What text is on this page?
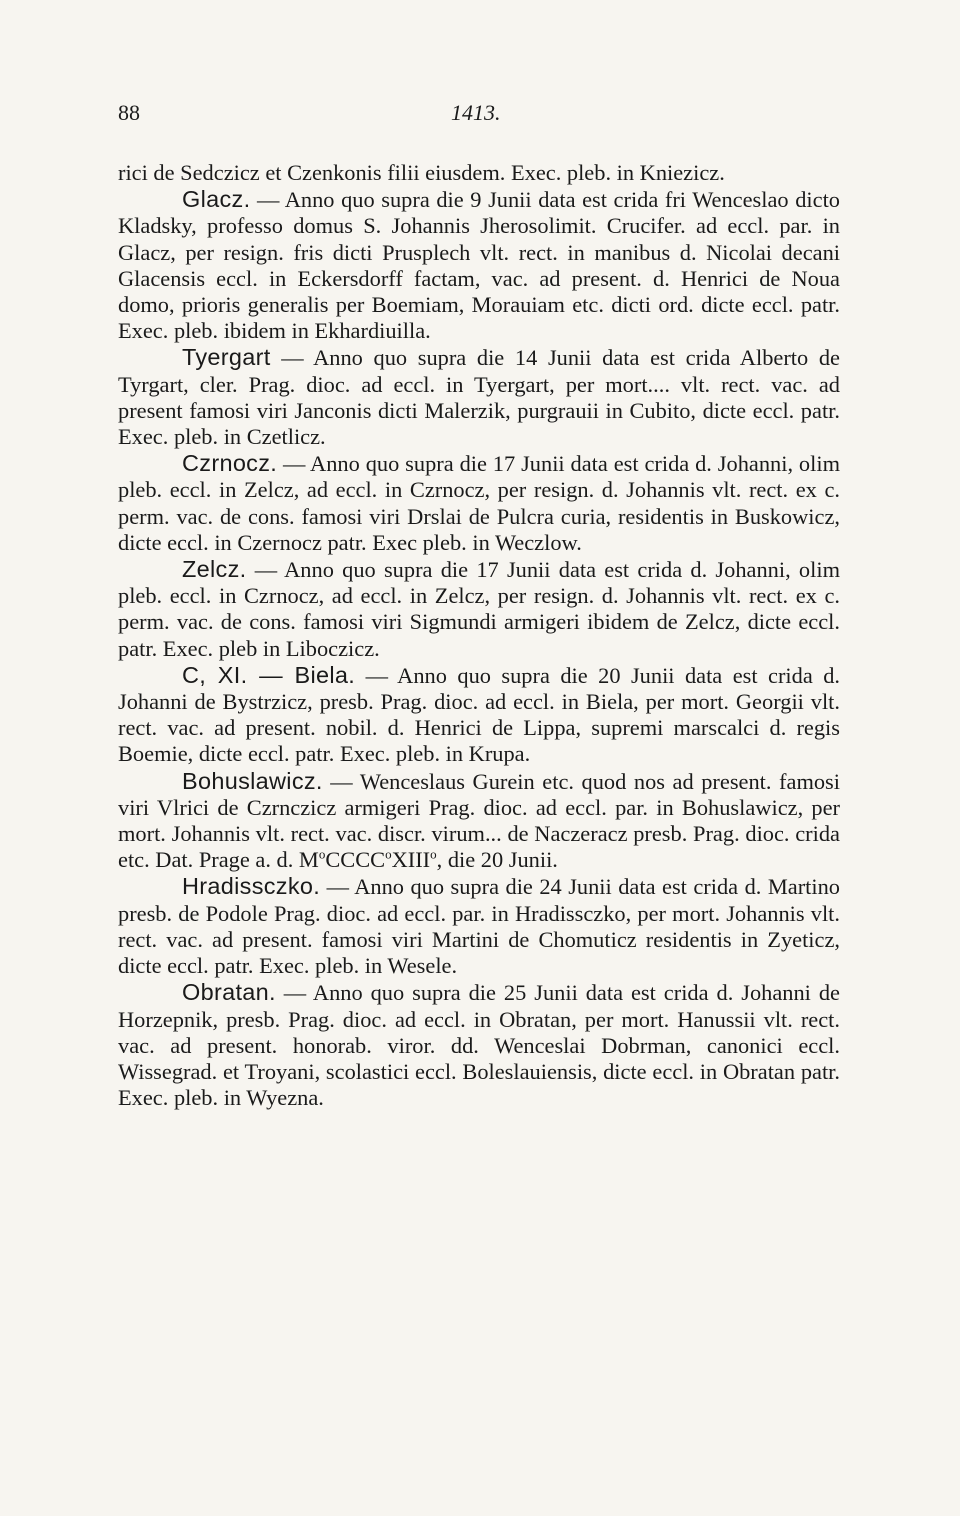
88	1413.

rici de Sedczicz et Czenkonis filii eiusdem. Exec. pleb. in Kniezicz.

Glacz. — Anno quo supra die 9 Junii data est crida fri Wenceslao dicto Kladsky, professo domus S. Johannis Jherosolimit. Crucifer. ad eccl. par. in Glacz, per resign. fris dicti Prusplech vlt. rect. in manibus d. Nicolai decani Glacensis eccl. in Eckersdorff factam, vac. ad present. d. Henrici de Noua domo, prioris generalis per Boemiam, Morauiam etc. dicti ord. dicte eccl. patr. Exec. pleb. ibidem in Ekhardiuilla.

Tyergart — Anno quo supra die 14 Junii data est crida Alberto de Tyrgart, cler. Prag. dioc. ad eccl. in Tyergart, per mort.... vlt. rect. vac. ad present famosi viri Janconis dicti Malerzik, purgrauii in Cubito, dicte eccl. patr. Exec. pleb. in Czetlicz.

Czrnocz. — Anno quo supra die 17 Junii data est crida d. Johanni, olim pleb. eccl. in Zelcz, ad eccl. in Czrnocz, per resign. d. Johannis vlt. rect. ex c. perm. vac. de cons. famosi viri Drslai de Pulcra curia, residentis in Buskowicz, dicte eccl. in Czernocz patr. Exec pleb. in Weczlow.

Zelcz. — Anno quo supra die 17 Junii data est crida d. Johanni, olim pleb. eccl. in Czrnocz, ad eccl. in Zelcz, per resign. d. Johannis vlt. rect. ex c. perm. vac. de cons. famosi viri Sigmundi armigeri ibidem de Zelcz, dicte eccl. patr. Exec. pleb in Liboczicz.

C, XI. — Biela. — Anno quo supra die 20 Junii data est crida d. Johanni de Bystrzicz, presb. Prag. dioc. ad eccl. in Biela, per mort. Georgii vlt. rect. vac. ad present. nobil. d. Henrici de Lippa, supremi marscalci d. regis Boemie, dicte eccl. patr. Exec. pleb. in Krupa.

Bohuslawicz. — Wenceslaus Gurein etc. quod nos ad present. famosi viri Vlrici de Czrnczicz armigeri Prag. dioc. ad eccl. par. in Bohuslawicz, per mort. Johannis vlt. rect. vac. discr. virum... de Naczeracz presb. Prag. dioc. crida etc. Dat. Prage a. d. $M^oCCCC^oXIII^o$, die 20 Junii.

Hradissczko. — Anno quo supra die 24 Junii data est crida d. Martino presb. de Podole Prag. dioc. ad eccl. par. in Hradissczko, per mort. Johannis vlt. rect. vac. ad present. famosi viri Martini de Chomuticz residentis in Zyeticz, dicte eccl. patr. Exec. pleb. in Wesele.

Obratan. — Anno quo supra die 25 Junii data est crida d. Johanni de Horzepnik, presb. Prag. dioc. ad eccl. in Obratan, per mort. Hanussii vlt. rect. vac. ad present. honorab. viror. dd. Wenceslai Dobrman, canonici eccl. Wissegrad. et Troyani, scolastici eccl. Boleslauiensis, dicte eccl. in Obratan patr. Exec. pleb. in Wyezna.
